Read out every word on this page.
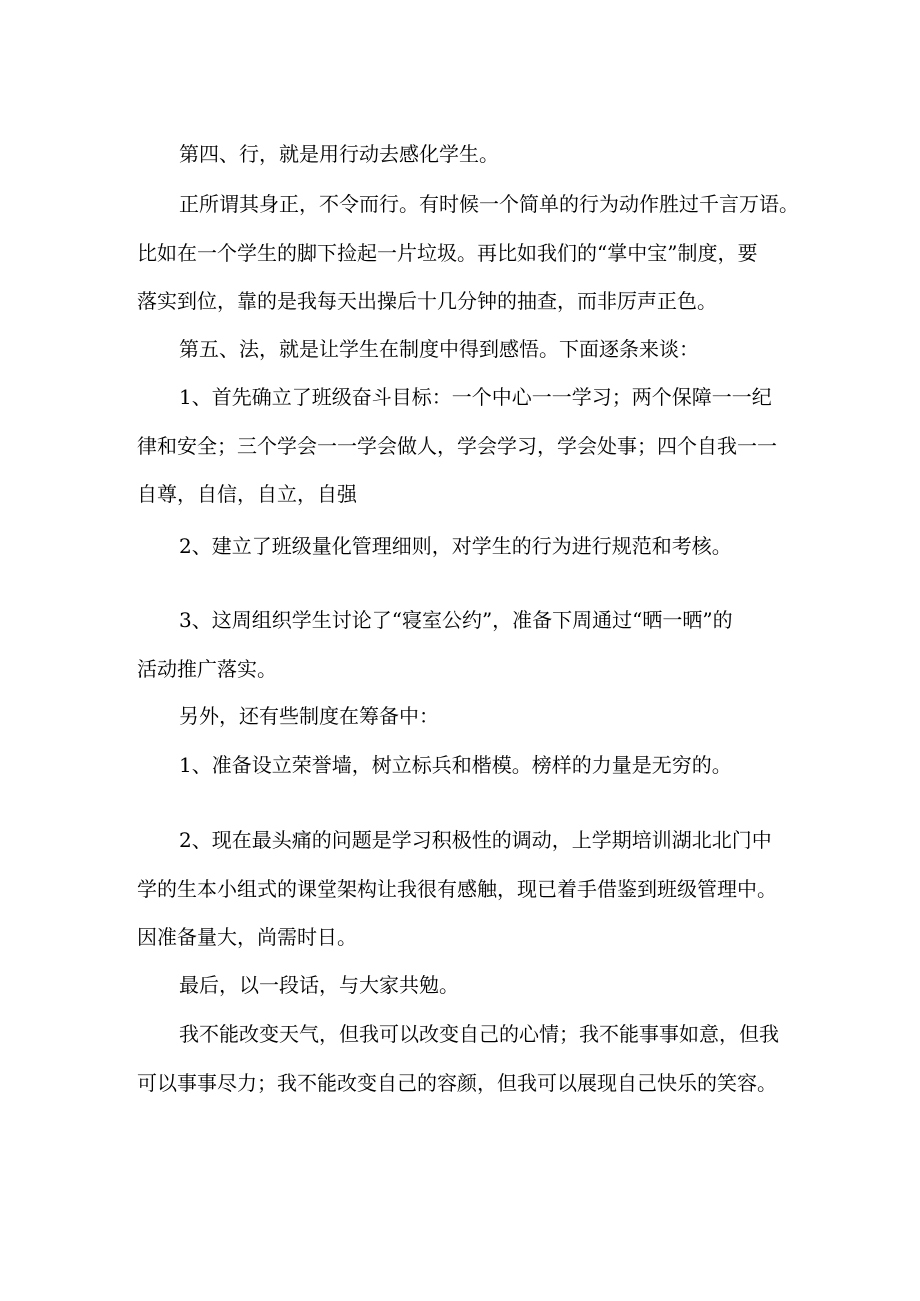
第四、行，就是用行动去感化学生。

正所谓其身正，不令而行。有时候一个简单的行为动作胜过千言万语。

比如在一个学生的脚下捡起一片垃圾。再比如我们的“掌中宝”制度，要

落实到位，靠的是我每天出操后十几分钟的抽查，而非厉声正色。

第五、法，就是让学生在制度中得到感悟。下面逐条来谈：

1、首先确立了班级奋斗目标：一个中心一一学习；两个保障一一纪

律和安全；三个学会一一学会做人，学会学习，学会处事；四个自我一一

自尊，自信，自立，自强

2、建立了班级量化管理细则，对学生的行为进行规范和考核。

3、这周组织学生讨论了“寝室公约”，准备下周通过“晒一晒”的

活动推广落实。

另外，还有些制度在筹备中：

1、准备设立荣誉墙，树立标兵和楷模。榜样的力量是无穷的。

2、现在最头痛的问题是学习积极性的调动，上学期培训湖北北门中

学的生本小组式的课堂架构让我很有感触，现已着手借鉴到班级管理中。

因准备量大，尚需时日。

最后，以一段话，与大家共勉。

我不能改变天气，但我可以改变自己的心情；我不能事事如意，但我

可以事事尽力；我不能改变自己的容颜，但我可以展现自己快乐的笑容。
